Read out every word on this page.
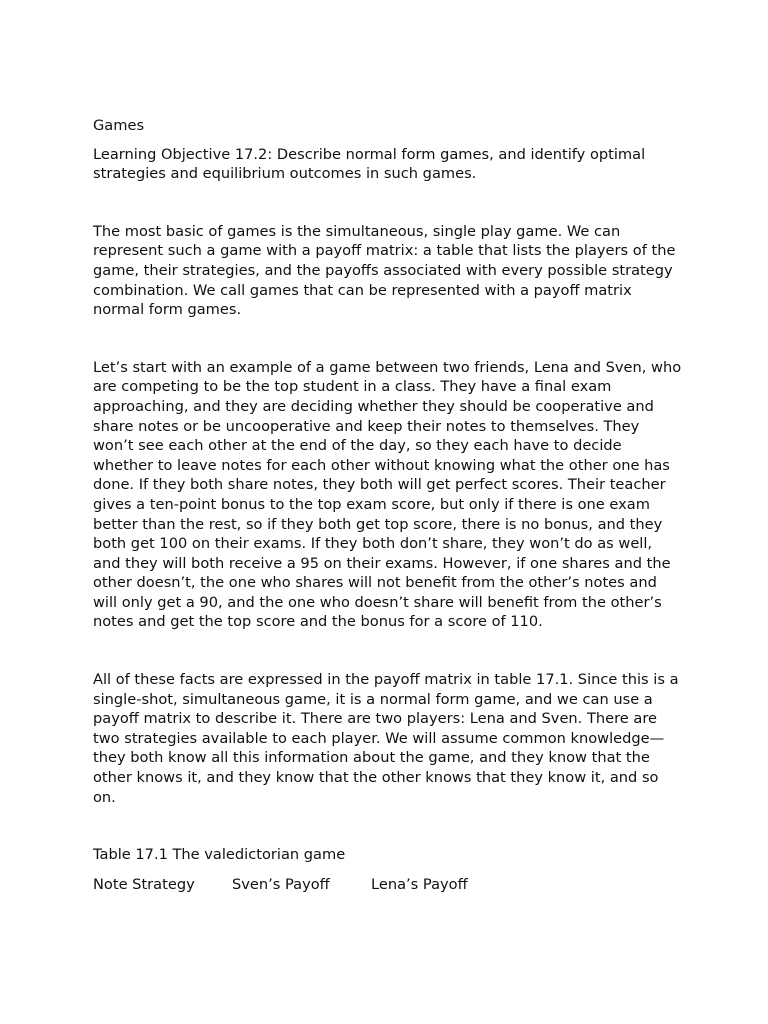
Games

Learning Objective 17.2: Describe normal form games, and identify optimal strategies and equilibrium outcomes in such games.

The most basic of games is the simultaneous, single play game. We can represent such a game with a payoff matrix: a table that lists the players of the game, their strategies, and the payoffs associated with every possible strategy combination. We call games that can be represented with a payoff matrix normal form games.

Let’s start with an example of a game between two friends, Lena and Sven, who are competing to be the top student in a class. They have a final exam approaching, and they are deciding whether they should be cooperative and share notes or be uncooperative and keep their notes to themselves. They won’t see each other at the end of the day, so they each have to decide whether to leave notes for each other without knowing what the other one has done. If they both share notes, they both will get perfect scores. Their teacher gives a ten-point bonus to the top exam score, but only if there is one exam better than the rest, so if they both get top score, there is no bonus, and they both get 100 on their exams. If they both don’t share, they won’t do as well, and they will both receive a 95 on their exams. However, if one shares and the other doesn’t, the one who shares will not benefit from the other’s notes and will only get a 90, and the one who doesn’t share will benefit from the other’s notes and get the top score and the bonus for a score of 110.

All of these facts are expressed in the payoff matrix in table 17.1. Since this is a single-shot, simultaneous game, it is a normal form game, and we can use a payoff matrix to describe it. There are two players: Lena and Sven. There are two strategies available to each player. We will assume common knowledge—they both know all this information about the game, and they know that the other knows it, and they know that the other knows that they know it, and so on.

Table 17.1 The valedictorian game

Note Strategy	Sven’s Payoff	Lena’s Payoff
